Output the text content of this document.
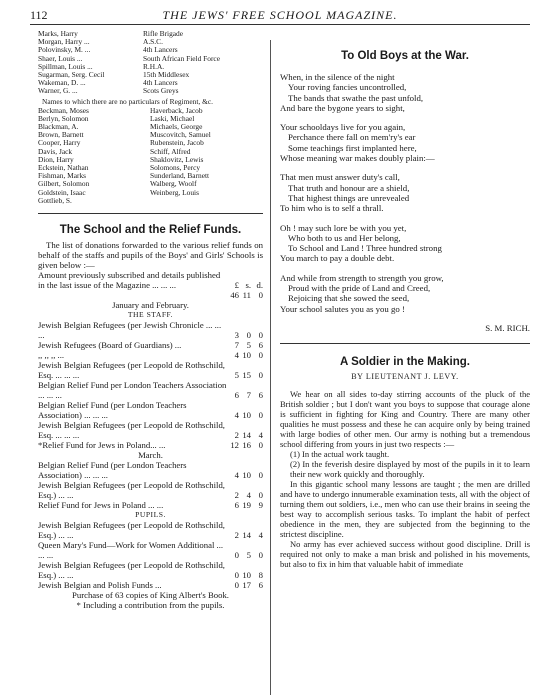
112	THE JEWS' FREE SCHOOL MAGAZINE.
Marks, Harry	Rifle Brigade
Morgan, Harry ...	A.S.C.
Polovinsky, M. ...	4th Lancers
Shaer, Louis ...	South African Field Force
Spillman, Louis ...	R.H.A.
Sugarman, Serg. Cecil	15th Middlesex
Wakeman, D. ...	4th Lancers
Warner, G. ...	Scots Greys
Names to which there are no particulars of Regiment, &c.
Beckman, Moses
Berlyn, Solomon
Blackman, A.
Brown, Barnett
Cooper, Harry
Davis, Jack
Dion, Harry
Eckstein, Nathan
Fishman, Marks
Gilbert, Solomon
Goldstein, Isaac
Gottlieb, S.
Haverback, Jacob
Laski, Michael
Michaels, George
Muscovitch, Samuel
Rubenstein, Jacob
Schiff, Alfred
Shaklovitz, Lewis
Solomons, Percy
Sunderland, Barnett
Walberg, Woolf
Weinberg, Louis
The School and the Relief Funds.
The list of donations forwarded to the various relief funds on behalf of the staffs and pupils of the Boys' and Girls' Schools is given below :—
Amount previously subscribed and details published in the last issue of the Magazine ... ... ...	£ s. d.
46 11 0
January and February.
THE STAFF.
Jewish Belgian Refugees (per Jewish Chronicle ... ... ...	3 0 0
Jewish Refugees (Board of Guardians) ...	7 5 6
,, ,, ,, ...	4 10 0
Jewish Belgian Refugees (per Leopold de Rothschild, Esq. ... ... ...	5 15 0
Belgian Relief Fund per London Teachers Association ... ... ...	6 7 6
Belgian Relief Fund (per London Teachers Association) ... ... ...	4 10 0
Jewish Belgian Refugees (per Leopold de Rothschild, Esq. ... ... ...	2 14 4
*Relief Fund for Jews in Poland... ...	12 16 0
March.
Belgian Relief Fund (per London Teachers Association) ... ... ...	4 10 0
Jewish Belgian Refugees (per Leopold de Rothschild, Esq.) ... ...	2 4 0
Relief Fund for Jews in Poland ... ...	6 19 9
PUPILS.
Jewish Belgian Refugees (per Leopold de Rothschild, Esq.) ... ...	2 14 4
Queen Mary's Fund—Work for Women Additional ... ... ...	0 5 0
Jewish Belgian Refugees (per Leopold de Rothschild, Esq.) ... ...	0 10 8
Jewish Belgian and Polish Funds ...	0 17 6
Purchase of 63 copies of King Albert's Book.
* Including a contribution from the pupils.
To Old Boys at the War.
When, in the silence of the night
Your roving fancies uncontrolled,
The bands that swathe the past unfold,
And bare the bygone years to sight,
Your schooldays live for you again,
Perchance there fall on mem'ry's ear
Some teachings first implanted here,
Whose meaning war makes doubly plain:—
That men must answer duty's call,
That truth and honour are a shield,
That highest things are unrevealed
To him who is to self a thrall.
Oh ! may such lore be with you yet,
Who both to us and Her belong,
To School and Land ! Three hundred strong
You march to pay a double debt.
And while from strength to strength you grow,
Proud with the pride of Land and Creed,
Rejoicing that she sowed the seed,
Your school salutes you as you go !
S. M. RICH.
A Soldier in the Making.
BY LIEUTENANT J. LEVY.

We hear on all sides to-day stirring accounts of the pluck of the British soldier ; but I don't want you boys to suppose that courage alone is sufficient in fighting for King and Country. There are many other qualities he must possess and these he can acquire only by being trained with large bodies of other men. Our army is nothing but a tremendous school differing from yours in just two respects :—

(1) In the actual work taught.

(2) In the feverish desire displayed by most of the pupils in it to learn their new work quickly and thoroughly.

In this gigantic school many lessons are taught ; the men are drilled and have to undergo innumerable examination tests, all with the object of turning them out soldiers, i.e., men who can use their brains in seeing the best way to accomplish serious tasks. To implant the habit of perfect obedience in the men, they are subjected from the beginning to the strictest discipline.

No army has ever achieved success without good discipline. Drill is required not only to make a man brisk and polished in his movements, but also to fix in him that valuable habit of immediate
